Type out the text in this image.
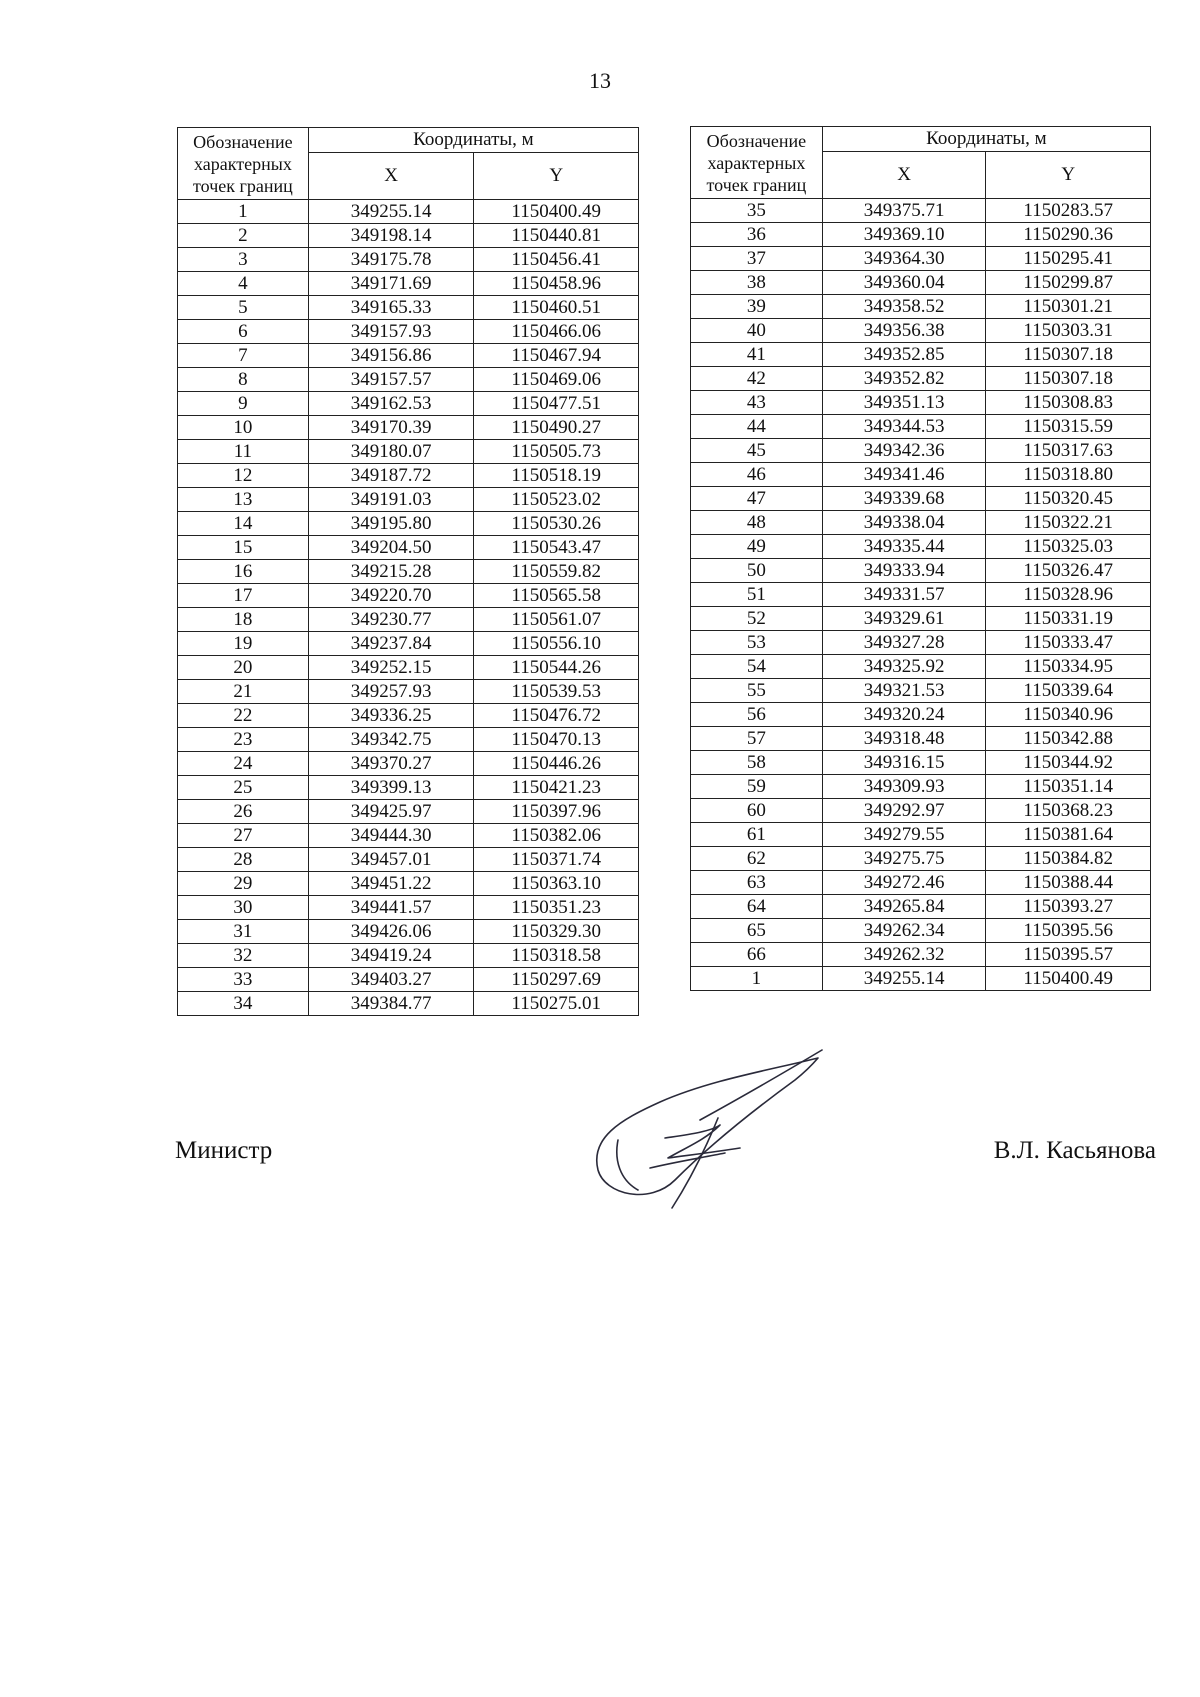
13
Обозначение характерных точек границ	Координаты, м	
	X	Y
1	349255.14	1150400.49
2	349198.14	1150440.81
3	349175.78	1150456.41
4	349171.69	1150458.96
5	349165.33	1150460.51
6	349157.93	1150466.06
7	349156.86	1150467.94
8	349157.57	1150469.06
9	349162.53	1150477.51
10	349170.39	1150490.27
11	349180.07	1150505.73
12	349187.72	1150518.19
13	349191.03	1150523.02
14	349195.80	1150530.26
15	349204.50	1150543.47
16	349215.28	1150559.82
17	349220.70	1150565.58
18	349230.77	1150561.07
19	349237.84	1150556.10
20	349252.15	1150544.26
21	349257.93	1150539.53
22	349336.25	1150476.72
23	349342.75	1150470.13
24	349370.27	1150446.26
25	349399.13	1150421.23
26	349425.97	1150397.96
27	349444.30	1150382.06
28	349457.01	1150371.74
29	349451.22	1150363.10
30	349441.57	1150351.23
31	349426.06	1150329.30
32	349419.24	1150318.58
33	349403.27	1150297.69
34	349384.77	1150275.01
Обозначение характерных точек границ	Координаты, м	
	X	Y
35	349375.71	1150283.57
36	349369.10	1150290.36
37	349364.30	1150295.41
38	349360.04	1150299.87
39	349358.52	1150301.21
40	349356.38	1150303.31
41	349352.85	1150307.18
42	349352.82	1150307.18
43	349351.13	1150308.83
44	349344.53	1150315.59
45	349342.36	1150317.63
46	349341.46	1150318.80
47	349339.68	1150320.45
48	349338.04	1150322.21
49	349335.44	1150325.03
50	349333.94	1150326.47
51	349331.57	1150328.96
52	349329.61	1150331.19
53	349327.28	1150333.47
54	349325.92	1150334.95
55	349321.53	1150339.64
56	349320.24	1150340.96
57	349318.48	1150342.88
58	349316.15	1150344.92
59	349309.93	1150351.14
60	349292.97	1150368.23
61	349279.55	1150381.64
62	349275.75	1150384.82
63	349272.46	1150388.44
64	349265.84	1150393.27
65	349262.34	1150395.56
66	349262.32	1150395.57
1	349255.14	1150400.49
Министр	В.Л. Касьянова
